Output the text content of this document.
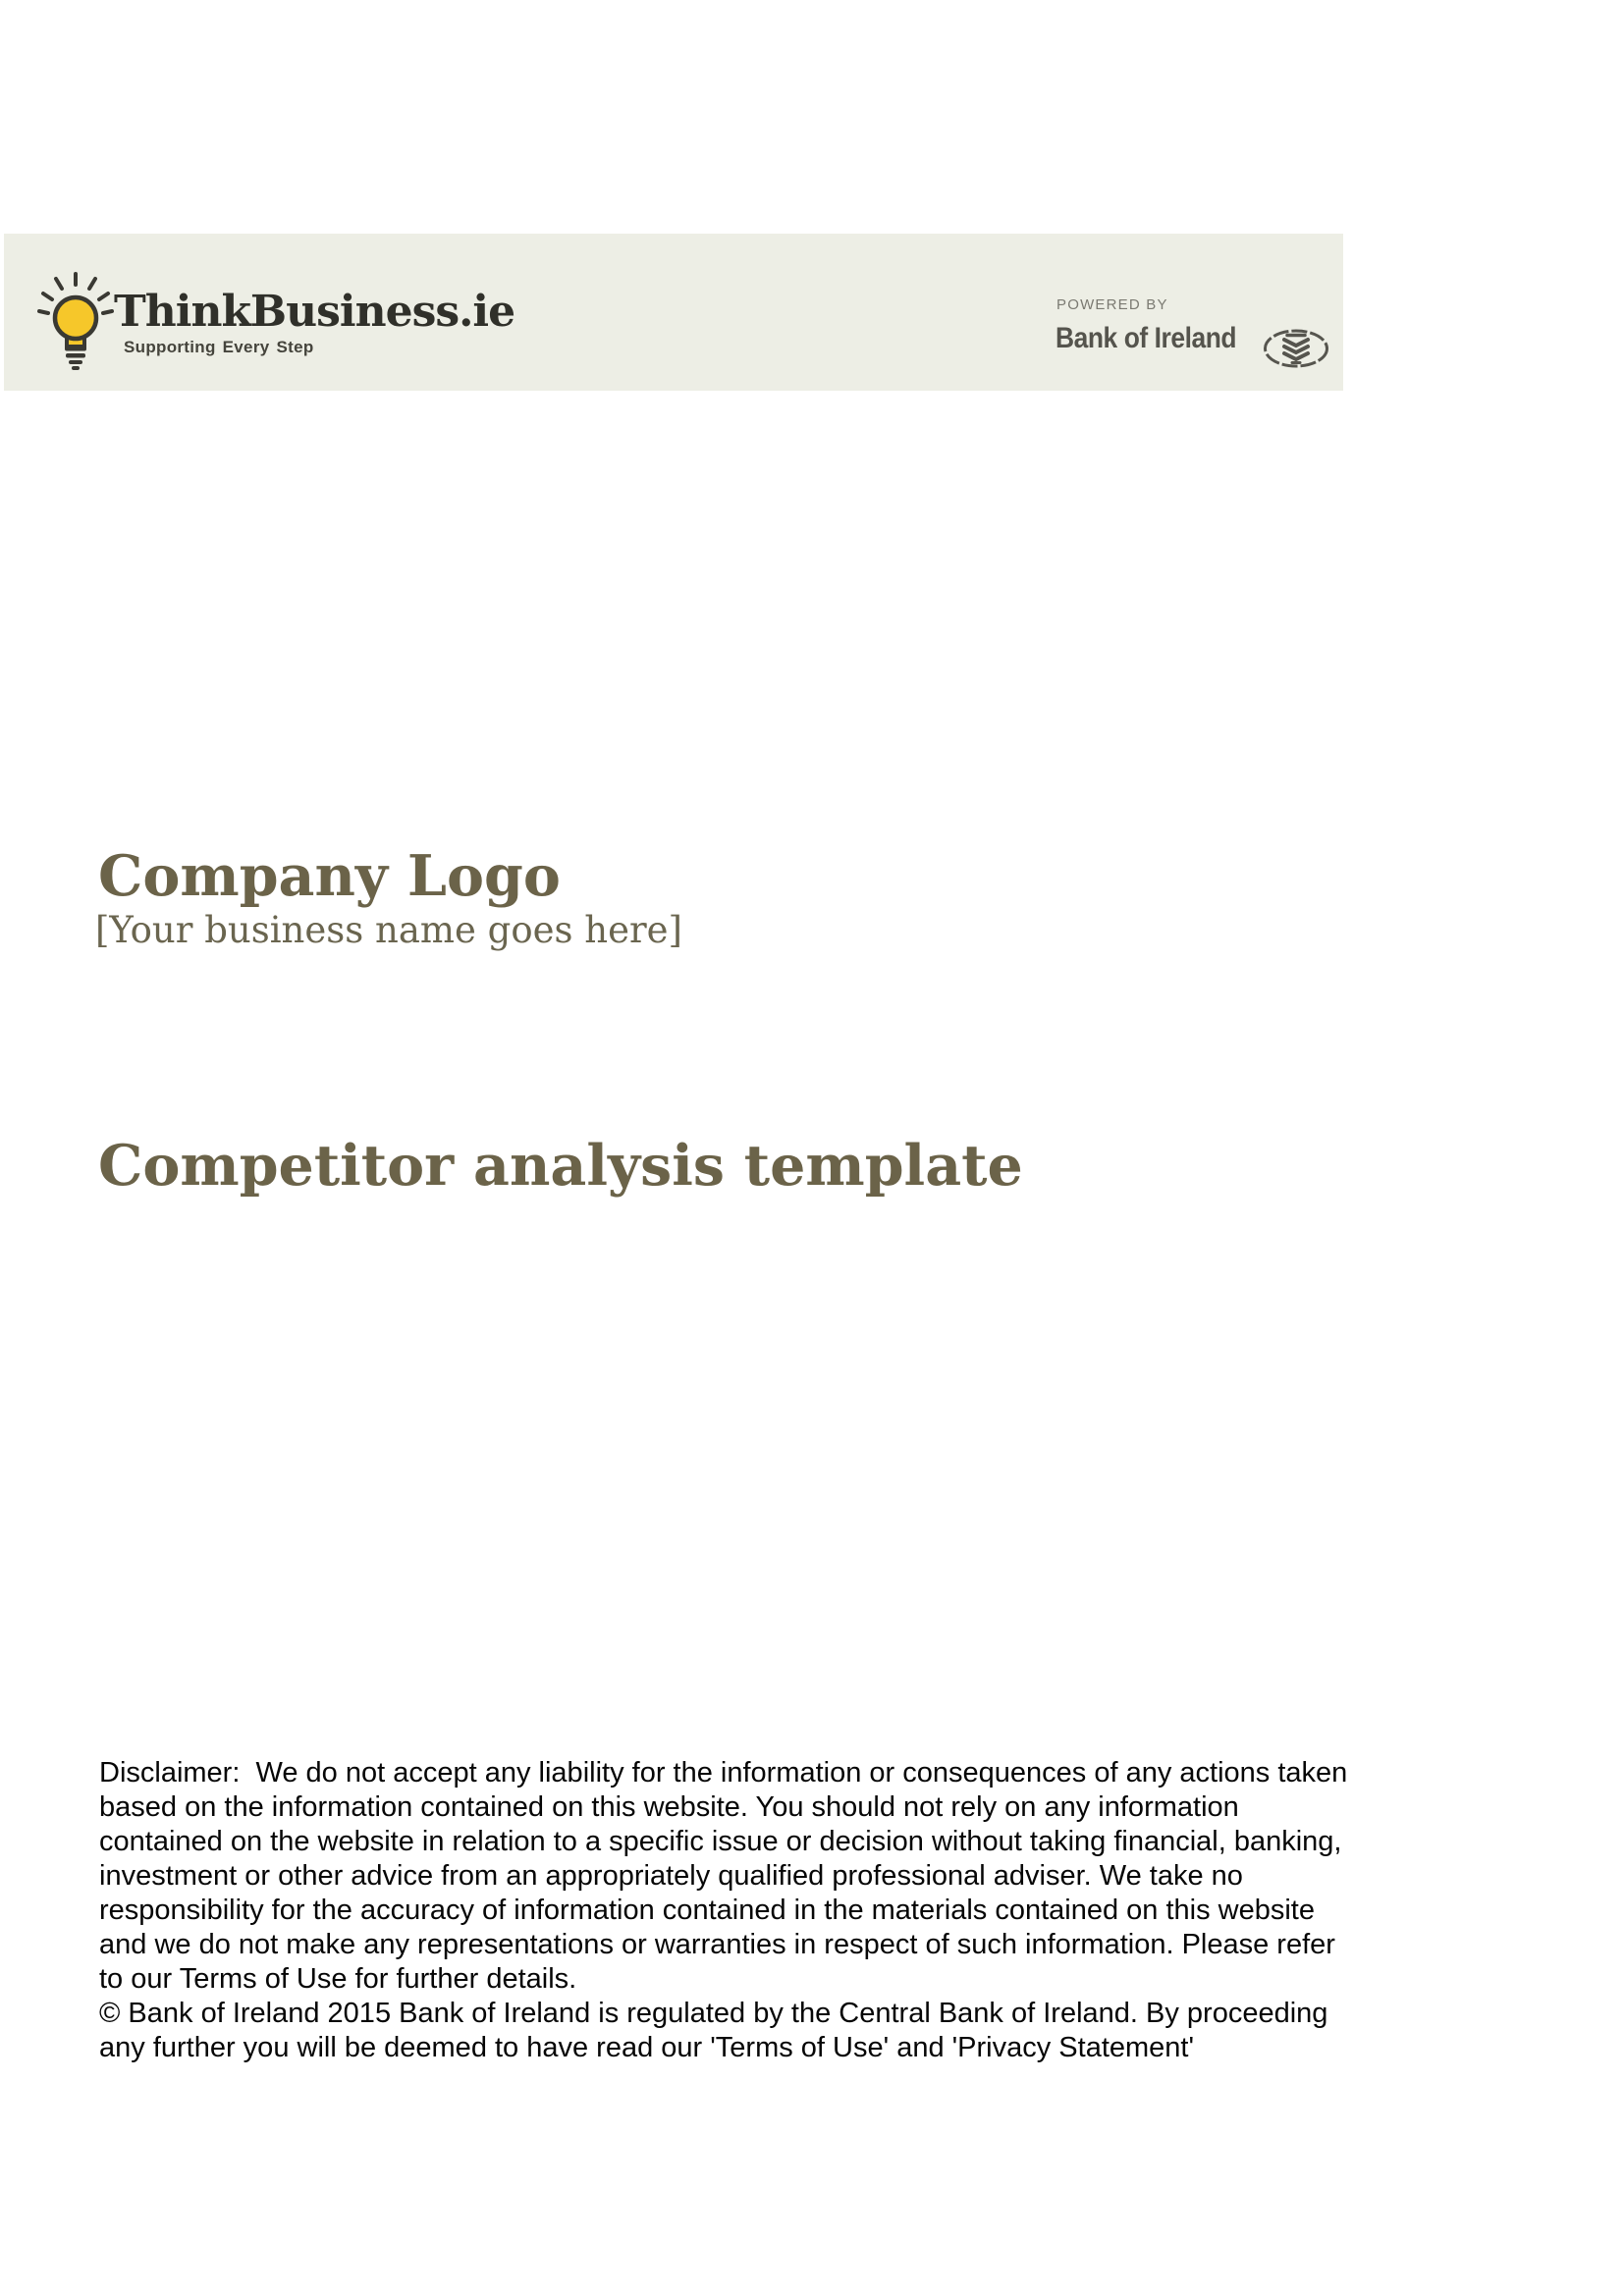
ThinkBusiness.ie
Supporting Every Step
POWERED BY
Bank of Ireland
Company Logo
[Your business name goes here]
Competitor analysis template
Disclaimer:  We do not accept any liability for the information or consequences of any actions taken
based on the information contained on this website. You should not rely on any information
contained on the website in relation to a specific issue or decision without taking financial, banking,
investment or other advice from an appropriately qualified professional adviser. We take no
responsibility for the accuracy of information contained in the materials contained on this website
and we do not make any representations or warranties in respect of such information. Please refer
to our Terms of Use for further details.
© Bank of Ireland 2015 Bank of Ireland is regulated by the Central Bank of Ireland. By proceeding
any further you will be deemed to have read our 'Terms of Use' and 'Privacy Statement'
